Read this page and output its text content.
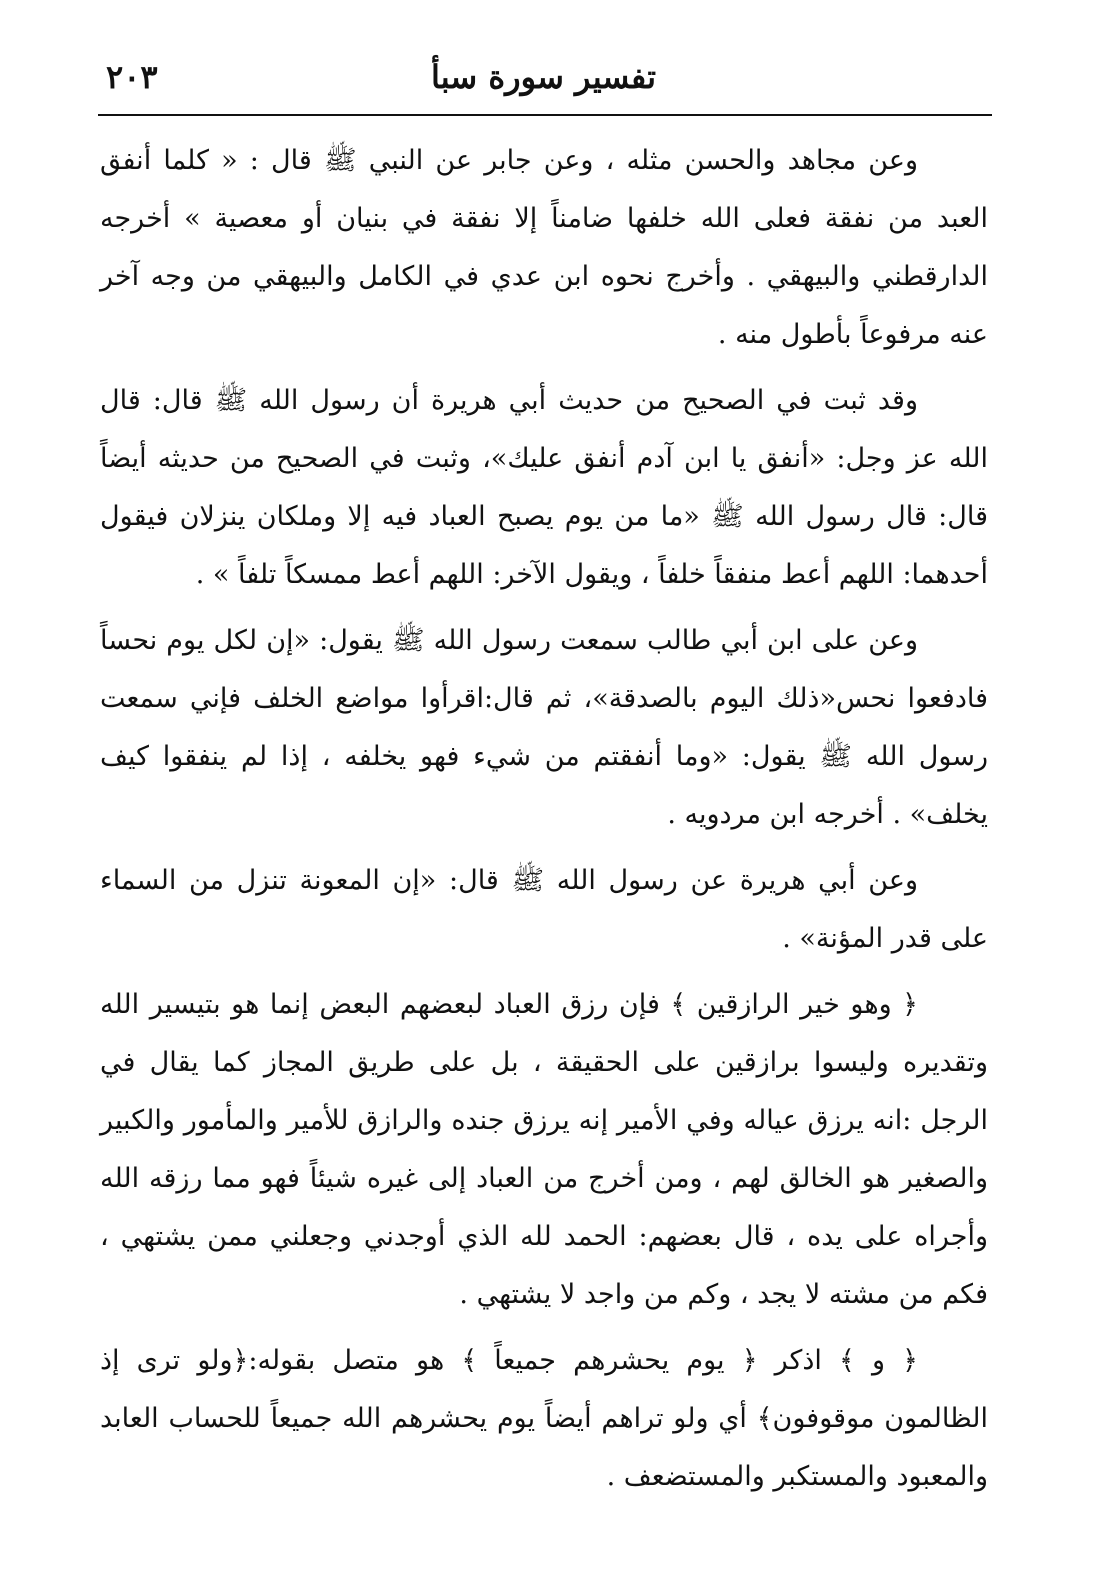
تفسير سورة سبأ
٢٠٣

وعن مجاهد والحسن مثله ، وعن جابر عن النبي ﷺ قال : « كلما أنفق العبد من نفقة فعلى الله خلفها ضامناً إلا نفقة في بنيان أو معصية » أخرجه الدارقطني والبيهقي . وأخرج نحوه ابن عدي في الكامل والبيهقي من وجه آخر عنه مرفوعاً بأطول منه .

وقد ثبت في الصحيح من حديث أبي هريرة أن رسول الله ﷺ قال: قال الله عز وجل: «أنفق يا ابن آدم أنفق عليك»، وثبت في الصحيح من حديثه أيضاً قال: قال رسول الله ﷺ «ما من يوم يصبح العباد فيه إلا وملكان ينزلان فيقول أحدهما: اللهم أعط منفقاً خلفاً ، ويقول الآخر: اللهم أعط ممسكاً تلفاً » .

وعن على ابن أبي طالب سمعت رسول الله ﷺ يقول: «إن لكل يوم نحساً فادفعوا نحس«ذلك اليوم بالصدقة»، ثم قال:اقرأوا مواضع الخلف فإني سمعت رسول الله ﷺ يقول: «وما أنفقتم من شيء فهو يخلفه ، إذا لم ينفقوا كيف يخلف» . أخرجه ابن مردويه .

وعن أبي هريرة عن رسول الله ﷺ قال: «إن المعونة تنزل من السماء على قدر المؤنة» .

﴿ وهو خير الرازقين ﴾ فإن رزق العباد لبعضهم البعض إنما هو بتيسير الله وتقديره وليسوا برازقين على الحقيقة ، بل على طريق المجاز كما يقال في الرجل :انه يرزق عياله وفي الأمير إنه يرزق جنده والرازق للأمير والمأمور والكبير والصغير هو الخالق لهم ، ومن أخرج من العباد إلى غيره شيئاً فهو مما رزقه الله وأجراه على يده ، قال بعضهم: الحمد لله الذي أوجدني وجعلني ممن يشتهي ، فكم من مشته لا يجد ، وكم من واجد لا يشتهي .

﴿ و ﴾ اذكر ﴿ يوم يحشرهم جميعاً ﴾ هو متصل بقوله:﴿ولو ترى إذ الظالمون موقوفون﴾ أي ولو تراهم أيضاً يوم يحشرهم الله جميعاً للحساب العابد والمعبود والمستكبر والمستضعف .
